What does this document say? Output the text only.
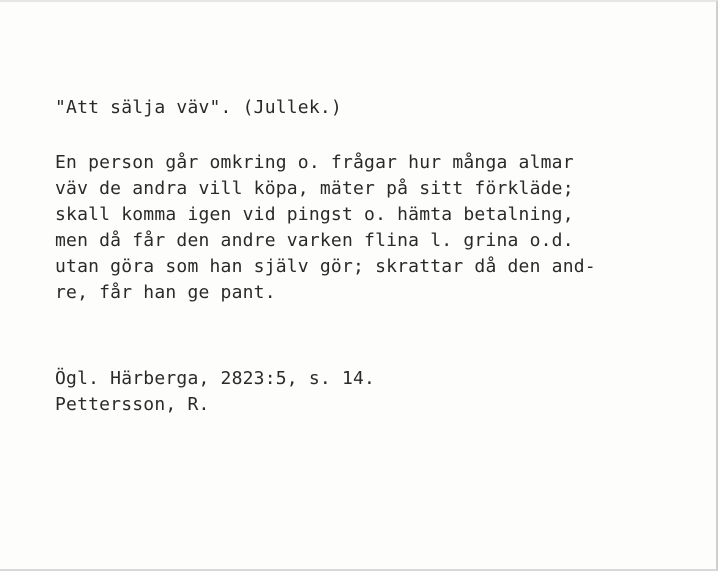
"Att sälja väv". (Jullek.)

En person går omkring o. frågar hur många almar

väv de andra vill köpa, mäter på sitt förkläde;

skall komma igen vid pingst o. hämta betalning,

men då får den andre varken flina l. grina o.d.

utan göra som han själv gör; skrattar då den and-

re, får han ge pant.

Ögl. Härberga, 2823:5, s. 14.

Pettersson, R.
